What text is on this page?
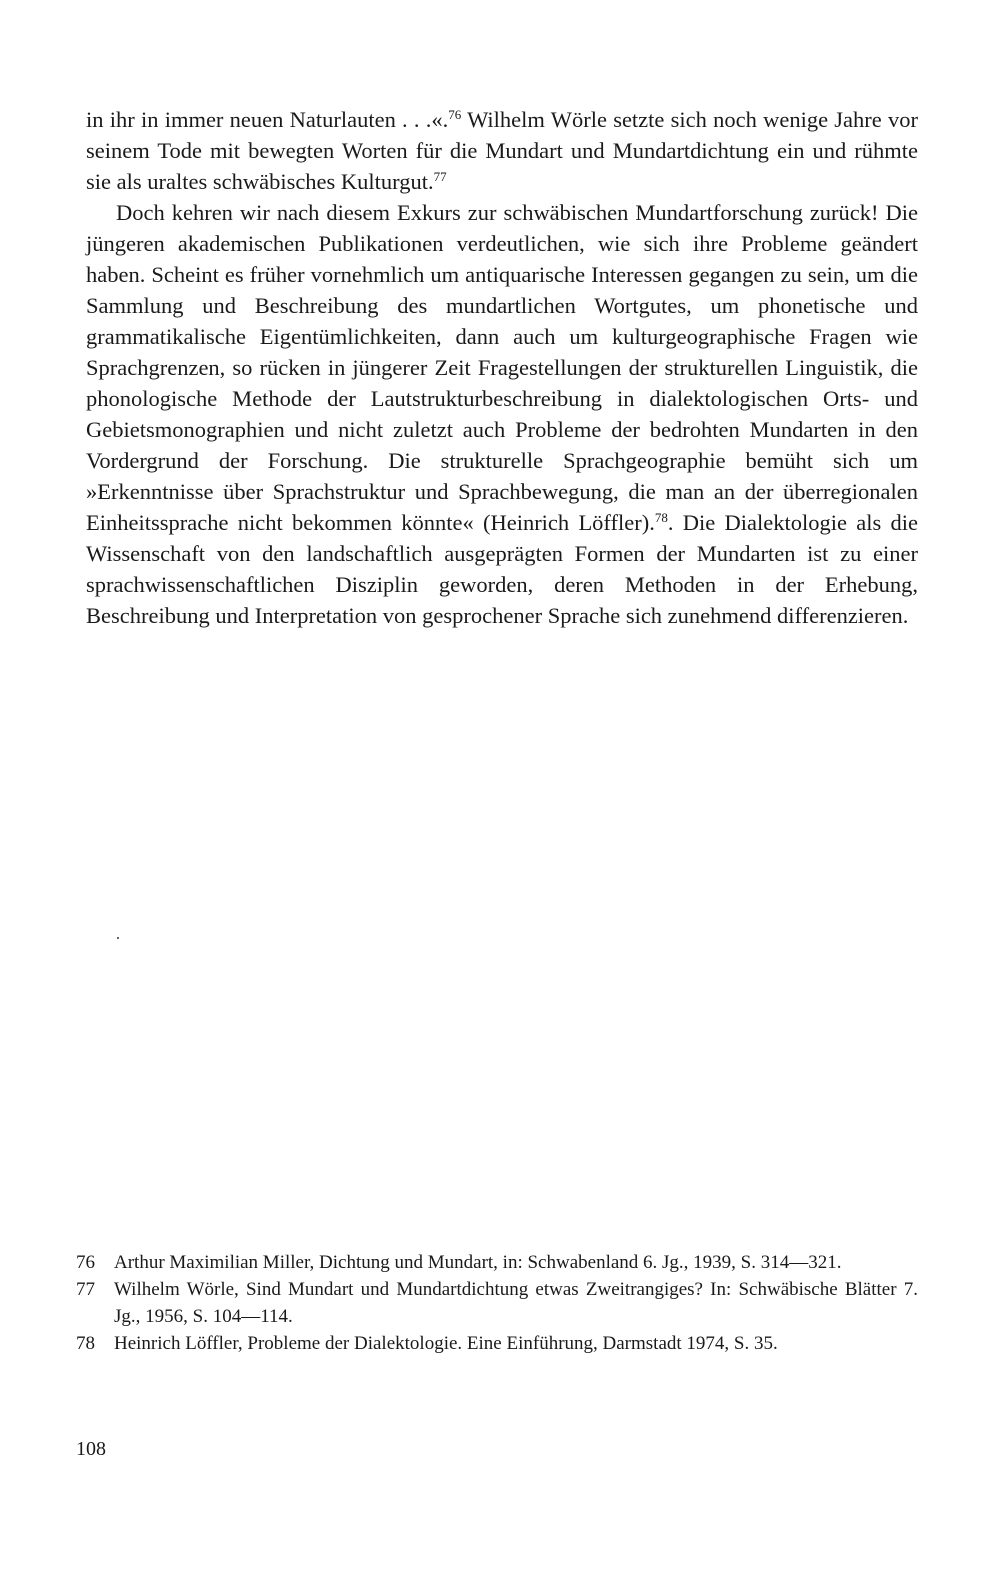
in ihr in immer neuen Naturlauten . . .«.$^{76}$ Wilhelm Wörle setzte sich noch wenige Jahre vor seinem Tode mit bewegten Worten für die Mundart und Mundartdichtung ein und rühmte sie als uraltes schwäbisches Kulturgut.$^{77}$

Doch kehren wir nach diesem Exkurs zur schwäbischen Mundartforschung zurück! Die jüngeren akademischen Publikationen verdeutlichen, wie sich ihre Probleme geändert haben. Scheint es früher vornehmlich um antiquarische Interessen gegangen zu sein, um die Sammlung und Beschreibung des mundartlichen Wortgutes, um phonetische und grammatikalische Eigentümlichkeiten, dann auch um kulturgeographische Fragen wie Sprachgrenzen, so rücken in jüngerer Zeit Fragestellungen der strukturellen Linguistik, die phonologische Methode der Lautstrukturbeschreibung in dialektologischen Orts- und Gebietsmonographien und nicht zuletzt auch Probleme der bedrohten Mundarten in den Vordergrund der Forschung. Die strukturelle Sprachgeographie bemüht sich um »Erkenntnisse über Sprachstruktur und Sprachbewegung, die man an der überregionalen Einheitssprache nicht bekommen könnte« (Heinrich Löffler).$^{78}$. Die Dialektologie als die Wissenschaft von den landschaftlich ausgeprägten Formen der Mundarten ist zu einer sprachwissenschaftlichen Disziplin geworden, deren Methoden in der Erhebung, Beschreibung und Interpretation von gesprochener Sprache sich zunehmend differenzieren.

76	Arthur Maximilian Miller, Dichtung und Mundart, in: Schwabenland 6. Jg., 1939, S. 314—321.
77	Wilhelm Wörle, Sind Mundart und Mundartdichtung etwas Zweitrangiges? In: Schwäbische Blätter 7. Jg., 1956, S. 104—114.
78	Heinrich Löffler, Probleme der Dialektologie. Eine Einführung, Darmstadt 1974, S. 35.
108
